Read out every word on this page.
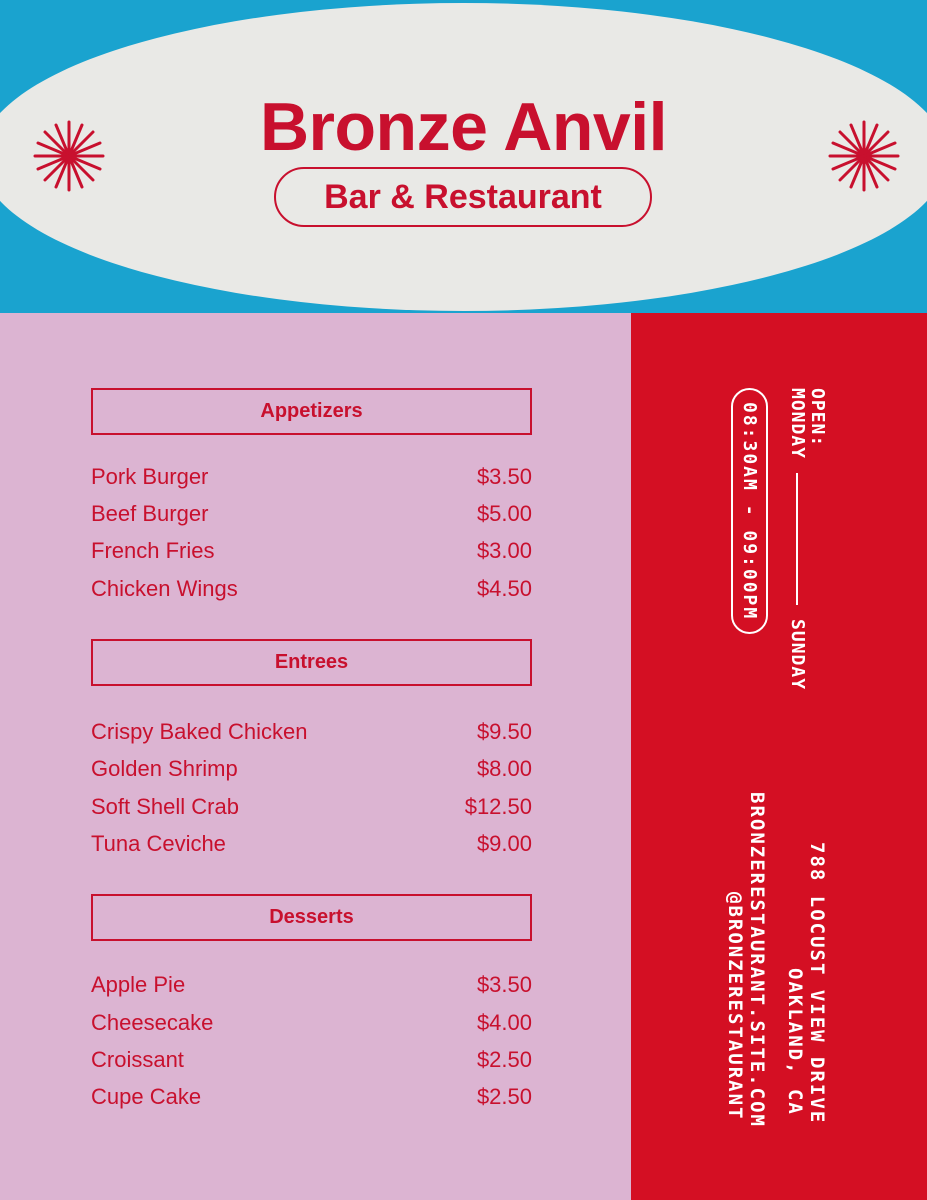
Bronze Anvil
Bar & Restaurant
Appetizers
Pork Burger	$3.50
Beef Burger	$5.00
French Fries	$3.00
Chicken Wings	$4.50
Entrees
Crispy Baked Chicken	$9.50
Golden Shrimp	$8.00
Soft Shell Crab	$12.50
Tuna Ceviche	$9.00
Desserts
Apple Pie	$3.50
Cheesecake	$4.00
Croissant	$2.50
Cupe Cake	$2.50
OPEN:
MONDAY
SUNDAY
08:30AM - 09:00PM
788 LOCUST VIEW DRIVE
OAKLAND, CA
BRONZERESTAURANT.SITE.COM
@BRONZERESTAURANT
